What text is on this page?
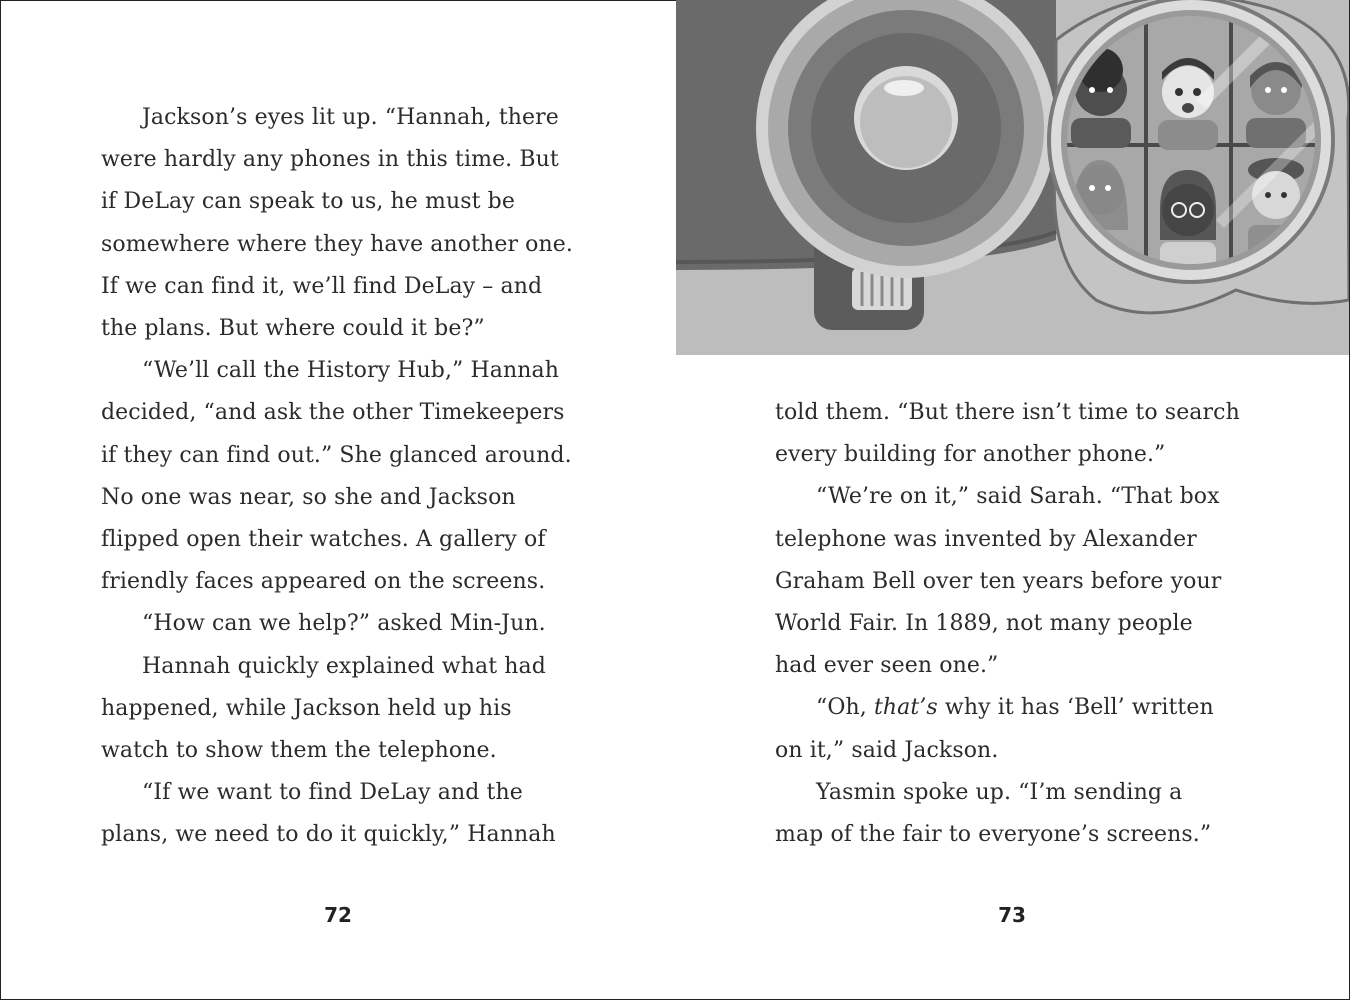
Jackson’s eyes lit up. “Hannah, there

were hardly any phones in this time. But

if DeLay can speak to us, he must be

somewhere where they have another one.

If we can find it, we’ll find DeLay – and

the plans. But where could it be?”

“We’ll call the History Hub,” Hannah

decided, “and ask the other Timekeepers

if they can find out.” She glanced around.

No one was near, so she and Jackson

flipped open their watches. A gallery of

friendly faces appeared on the screens.

“How can we help?” asked Min-Jun.

Hannah quickly explained what had

happened, while Jackson held up his

watch to show them the telephone.

“If we want to find DeLay and the

plans, we need to do it quickly,” Hannah

72

told them. “But there isn’t time to search

every building for another phone.”

“We’re on it,” said Sarah. “That box

telephone was invented by Alexander

Graham Bell over ten years before your

World Fair. In 1889, not many people

had ever seen one.”

“Oh, that’s why it has ‘Bell’ written

on it,” said Jackson.

Yasmin spoke up. “I’m sending a

map of the fair to everyone’s screens.”

73
